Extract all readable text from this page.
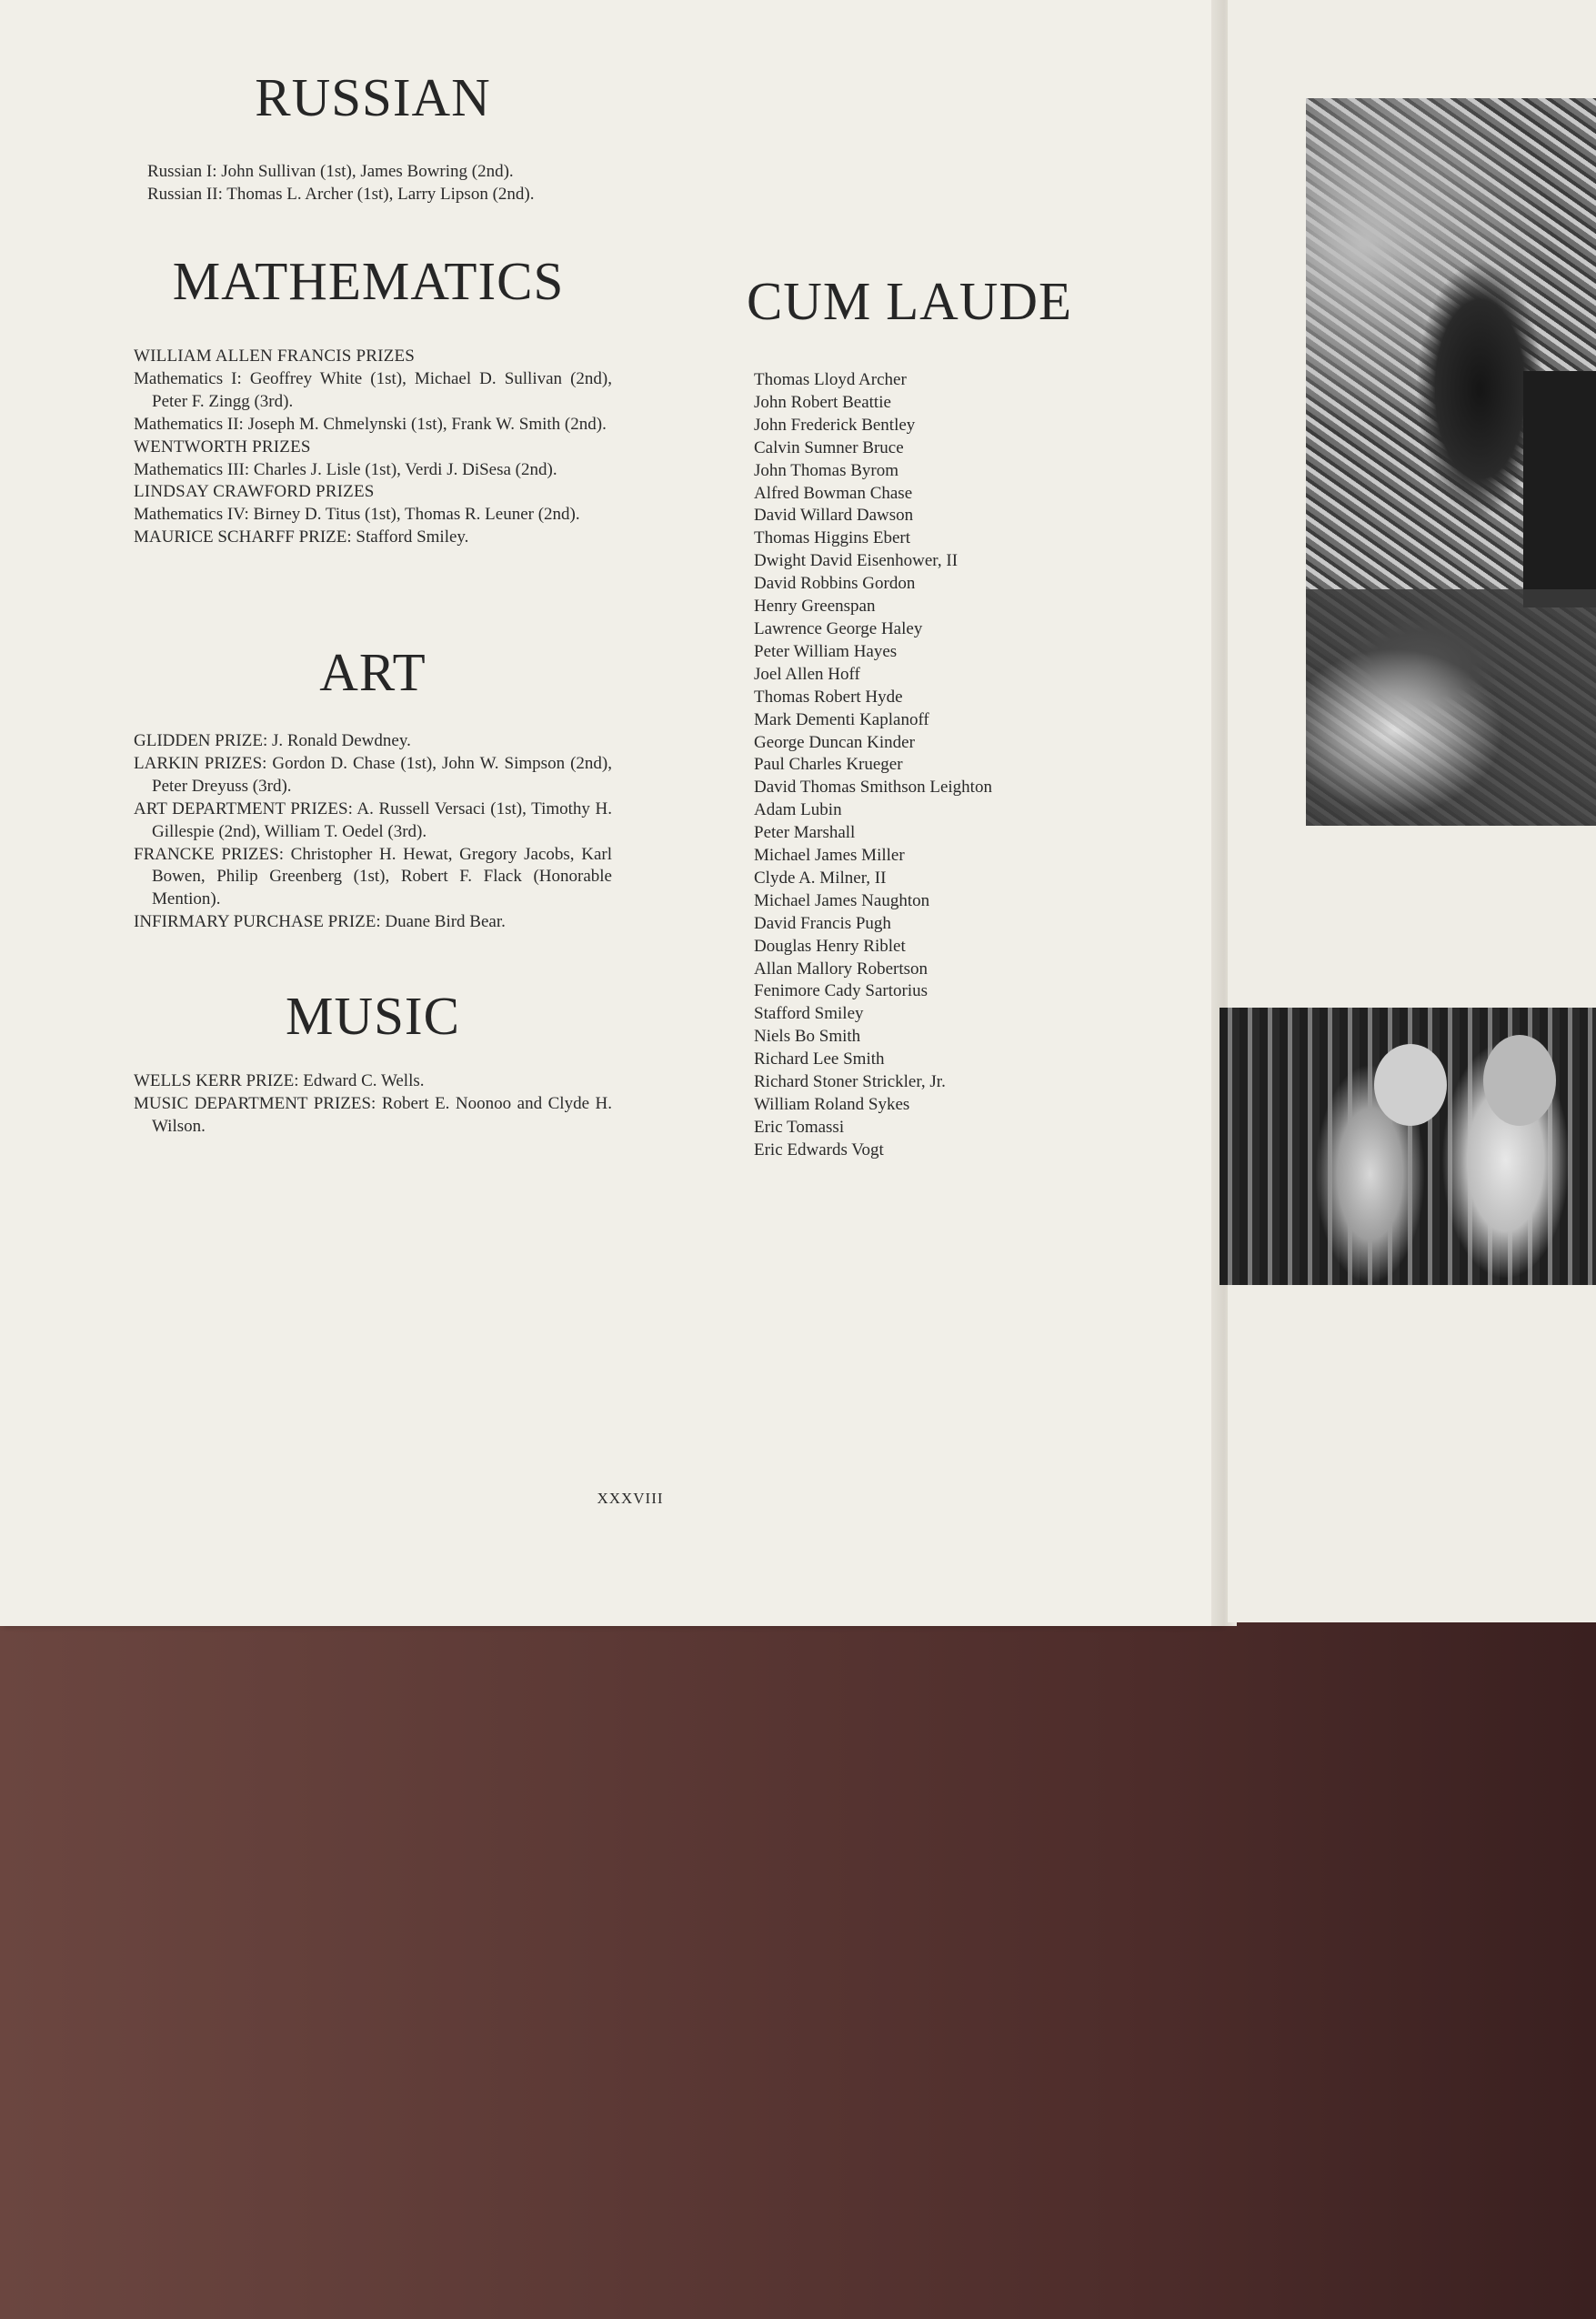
RUSSIAN

Russian I: John Sullivan (1st), James Bowring (2nd).

Russian II: Thomas L. Archer (1st), Larry Lipson (2nd).

MATHEMATICS

WILLIAM ALLEN FRANCIS PRIZES

Mathematics I: Geoffrey White (1st), Michael D. Sullivan (2nd), Peter F. Zingg (3rd).

Mathematics II: Joseph M. Chmelynski (1st), Frank W. Smith (2nd).

WENTWORTH PRIZES

Mathematics III: Charles J. Lisle (1st), Verdi J. DiSesa (2nd).

LINDSAY CRAWFORD PRIZES

Mathematics IV: Birney D. Titus (1st), Thomas R. Leuner (2nd).

MAURICE SCHARFF PRIZE: Stafford Smiley.

ART

GLIDDEN PRIZE: J. Ronald Dewdney.

LARKIN PRIZES: Gordon D. Chase (1st), John W. Simpson (2nd), Peter Dreyuss (3rd).

ART DEPARTMENT PRIZES: A. Russell Versaci (1st), Timothy H. Gillespie (2nd), William T. Oedel (3rd).

FRANCKE PRIZES: Christopher H. Hewat, Gregory Jacobs, Karl Bowen, Philip Greenberg (1st), Robert F. Flack (Honorable Mention).

INFIRMARY PURCHASE PRIZE: Duane Bird Bear.

MUSIC

WELLS KERR PRIZE: Edward C. Wells.

MUSIC DEPARTMENT PRIZES: Robert E. Noonoo and Clyde H. Wilson.

CUM LAUDE
Thomas Lloyd Archer
John Robert Beattie
John Frederick Bentley
Calvin Sumner Bruce
John Thomas Byrom
Alfred Bowman Chase
David Willard Dawson
Thomas Higgins Ebert
Dwight David Eisenhower, II
David Robbins Gordon
Henry Greenspan
Lawrence George Haley
Peter William Hayes
Joel Allen Hoff
Thomas Robert Hyde
Mark Dementi Kaplanoff
George Duncan Kinder
Paul Charles Krueger
David Thomas Smithson Leighton
Adam Lubin
Peter Marshall
Michael James Miller
Clyde A. Milner, II
Michael James Naughton
David Francis Pugh
Douglas Henry Riblet
Allan Mallory Robertson
Fenimore Cady Sartorius
Stafford Smiley
Niels Bo Smith
Richard Lee Smith
Richard Stoner Strickler, Jr.
William Roland Sykes
Eric Tomassi
Eric Edwards Vogt
XXXVIII
